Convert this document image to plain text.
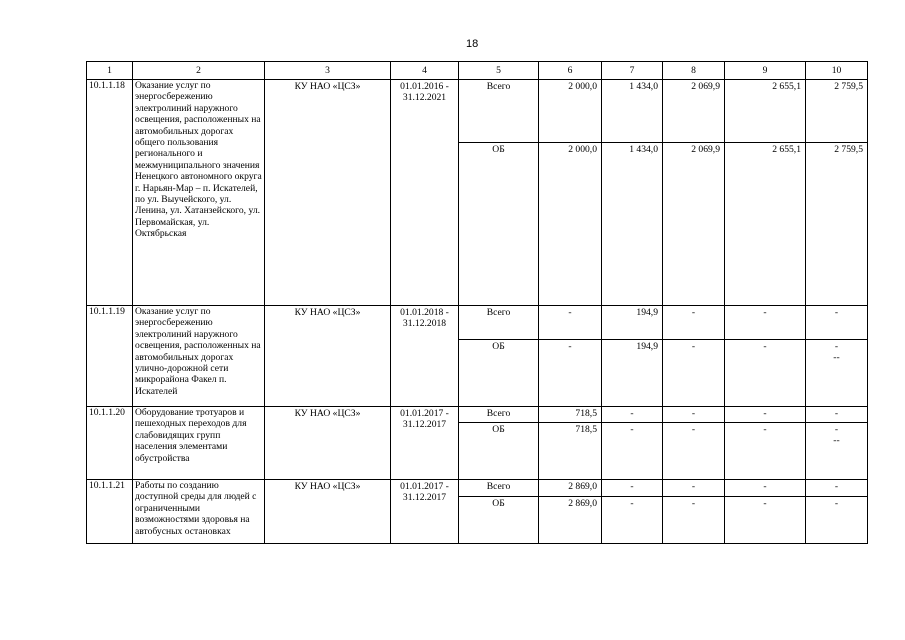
18
1	2	3	4	5	6	7	8	9	10
10.1.1.18	Оказание услуг по энергосбережению электролиний наружного освещения, расположенных на автомобильных дорогах общего пользования регионального и межмуниципального значения Ненецкого автономного округа г. Нарьян-Мар – п. Искателей, по ул. Выучейского, ул. Ленина, ул. Хатанзейского, ул. Первомайская, ул. Октябрьская	КУ НАО «ЦСЗ»	01.01.2016 - 31.12.2021	Всего	2 000,0	1 434,0	2 069,9	2 655,1	2 759,5

				ОБ	2 000,0	1 434,0	2 069,9	2 655,1	2 759,5

10.1.1.19	Оказание услуг по энергосбережению электролиний наружного освещения, расположенных на автомобильных дорогах улично-дорожной сети микрорайона Факел п. Искателей	КУ НАО «ЦСЗ»	01.01.2018 - 31.12.2018	Всего	-	194,9	-	-	-

				ОБ	-	194,9	-	-	-
--

10.1.1.20	Оборудование тротуаров и пешеходных переходов для слабовидящих групп населения элементами обустройства	КУ НАО «ЦСЗ»	01.01.2017 - 31.12.2017	Всего	718,5	-	-	-	-

				ОБ	718,5	-	-	-	-
--

10.1.1.21	Работы по созданию доступной среды для людей с ограниченными возможностями здоровья на автобусных остановках	КУ НАО «ЦСЗ»	01.01.2017 - 31.12.2017	Всего	2 869,0	-	-	-	-

				ОБ	2 869,0	-	-	-	-
